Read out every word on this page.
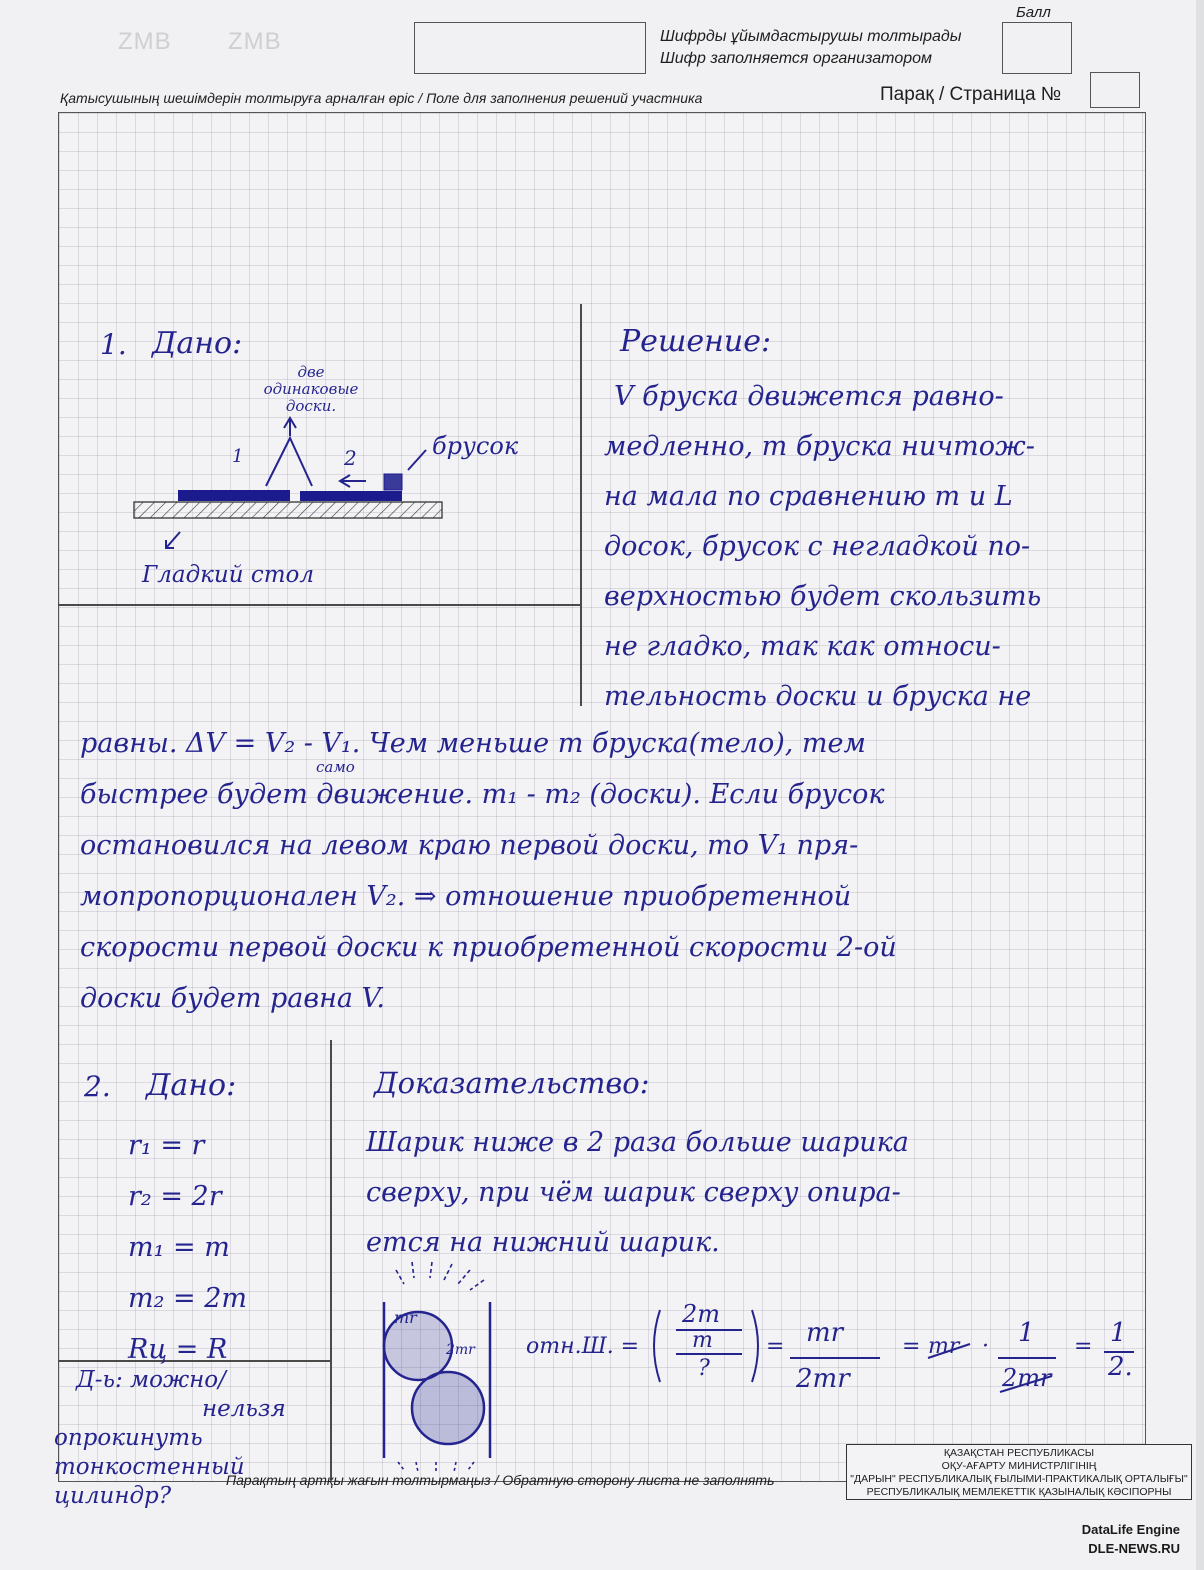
ZMB ZMB	Шифрды ұйымдастырушы толтырады
Шифр заполняется организатором
Балл
Қатысушының шешімдерін толтыруға арналған өріс / Поле для заполнения решений участника	Парақ / Страница №
1. Дано:
две
одинаковые
доски.
1	2	брусок
Гладкий стол
Решение:
V бруска движется равно-
медленно, m бруска ничтож-
на мала по сравнению m и L
досок, брусок с негладкой по-
верхностью будет скользить
не гладко, так как относи-
тельность доски и бруска не
само
равны. ΔV = V₂ - V₁. Чем меньше m бруска(тело), тем
быстрее будет движение. m₁ - m₂ (доски). Если брусок
остановился на левом краю первой доски, то V₁ пря-
мопропорционален V₂. ⇒ отношение приобретенной
скорости первой доски к приобретенной скорости 2-ой
доски будет равна V.
2. Дано:
r₁ = r
r₂ = 2r
m₁ = m
m₂ = 2m
Rц = R
Д-ь: можно/
нельзя
опрокинуть
тонкостенный
цилиндр?
Доказательство:
Шарик ниже в 2 раза больше шарика
сверху, при чём шарик сверху опира-
ется на нижний шарик.
mr
2mr отн.Ш. =
2m
m
?
= mr
2mr
= mr · 1
2mr
= 1
2.
Парақтың артқы жағын толтырмаңыз / Обратную сторону листа не заполнять
ҚАЗАҚСТАН РЕСПУБЛИКАСЫ
ОҚУ-АҒАРТУ МИНИСТРЛІГІНІҢ
"ДАРЫН" РЕСПУБЛИКАЛЫҚ ҒЫЛЫМИ-ПРАКТИКАЛЫҚ ОРТАЛЫҒЫ"
РЕСПУБЛИКАЛЫҚ МЕМЛЕКЕТТІК ҚАЗЫНАЛЫҚ КӘСІПОРНЫ
DataLife Engine
DLE-NEWS.RU
